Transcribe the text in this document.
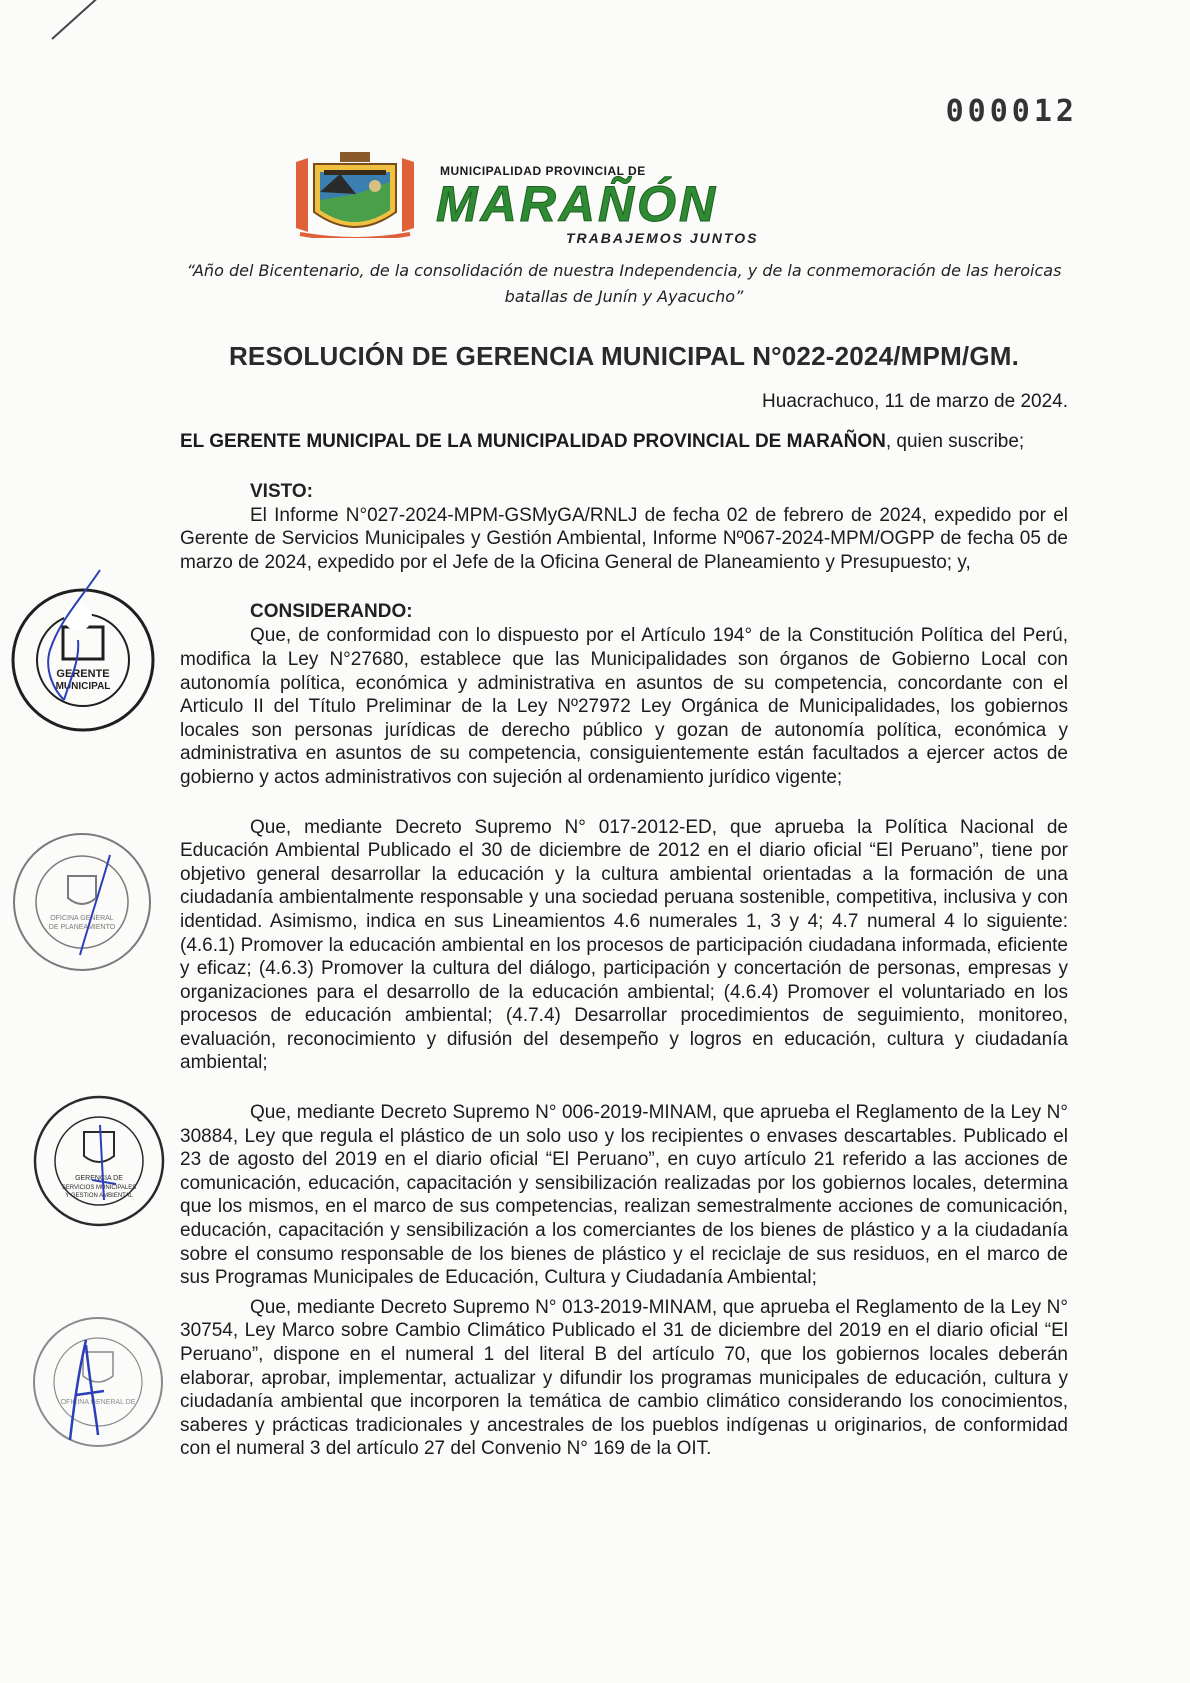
000012
MUNICIPALIDAD PROVINCIAL DE
MARAÑÓN
TRABAJEMOS JUNTOS
“Año del Bicentenario, de la consolidación de nuestra Independencia, y de la conmemoración de las heroicas batallas de Junín y Ayacucho”
RESOLUCIÓN DE GERENCIA MUNICIPAL N°022-2024/MPM/GM.
Huacrachuco, 11 de marzo de 2024.
EL GERENTE MUNICIPAL DE LA MUNICIPALIDAD PROVINCIAL DE MARAÑON, quien suscribe;
VISTO:
El Informe N°027-2024-MPM-GSMyGA/RNLJ de fecha 02 de febrero de 2024, expedido por el Gerente de Servicios Municipales y Gestión Ambiental, Informe Nº067-2024-MPM/OGPP de fecha 05 de marzo de 2024, expedido por el Jefe de la Oficina General de Planeamiento y Presupuesto; y,
CONSIDERANDO:
Que, de conformidad con lo dispuesto por el Artículo 194° de la Constitución Política del Perú, modifica la Ley N°27680, establece que las Municipalidades son órganos de Gobierno Local con autonomía política, económica y administrativa en asuntos de su competencia, concordante con el Articulo II del Título Preliminar de la Ley Nº27972 Ley Orgánica de Municipalidades, los gobiernos locales son personas jurídicas de derecho público y gozan de autonomía política, económica y administrativa en asuntos de su competencia, consiguientemente están facultados a ejercer actos de gobierno y actos administrativos con sujeción al ordenamiento jurídico vigente;
Que, mediante Decreto Supremo N° 017-2012-ED, que aprueba la Política Nacional de Educación Ambiental Publicado el 30 de diciembre de 2012 en el diario oficial “El Peruano”, tiene por objetivo general desarrollar la educación y la cultura ambiental orientadas a la formación de una ciudadanía ambientalmente responsable y una sociedad peruana sostenible, competitiva, inclusiva y con identidad. Asimismo, indica en sus Lineamientos 4.6 numerales 1, 3 y 4; 4.7 numeral 4 lo siguiente: (4.6.1) Promover la educación ambiental en los procesos de participación ciudadana informada, eficiente y eficaz; (4.6.3) Promover la cultura del diálogo, participación y concertación de personas, empresas y organizaciones para el desarrollo de la educación ambiental; (4.6.4) Promover el voluntariado en los procesos de educación ambiental; (4.7.4) Desarrollar procedimientos de seguimiento, monitoreo, evaluación, reconocimiento y difusión del desempeño y logros en educación, cultura y ciudadanía ambiental;
Que, mediante Decreto Supremo N° 006-2019-MINAM, que aprueba el Reglamento de la Ley N° 30884, Ley que regula el plástico de un solo uso y los recipientes o envases descartables. Publicado el 23 de agosto del 2019 en el diario oficial “El Peruano”, en cuyo artículo 21 referido a las acciones de comunicación, educación, capacitación y sensibilización realizadas por los gobiernos locales, determina que los mismos, en el marco de sus competencias, realizan semestralmente acciones de comunicación, educación, capacitación y sensibilización a los comerciantes de los bienes de plástico y a la ciudadanía sobre el consumo responsable de los bienes de plástico y el reciclaje de sus residuos, en el marco de sus Programas Municipales de Educación, Cultura y Ciudadanía Ambiental;
Que, mediante Decreto Supremo N° 013-2019-MINAM, que aprueba el Reglamento de la Ley N° 30754, Ley Marco sobre Cambio Climático Publicado el 31 de diciembre del 2019 en el diario oficial “El Peruano”, dispone en el numeral 1 del literal B del artículo 70, que los gobiernos locales deberán elaborar, aprobar, implementar, actualizar y difundir los programas municipales de educación, cultura y ciudadanía ambiental que incorporen la temática de cambio climático considerando los conocimientos, saberes y prácticas tradicionales y ancestrales de los pueblos indígenas u originarios, de conformidad con el numeral 3 del artículo 27 del Convenio N° 169 de la OIT.
GERENTE
MUNICIPAL
OFICINA GENERAL
DE PLANEAMIENTO
GERENCIA DE
SERVICIOS MUNICIPALES
Y GESTION AMBIENTAL
OFICINA GENERAL DE
